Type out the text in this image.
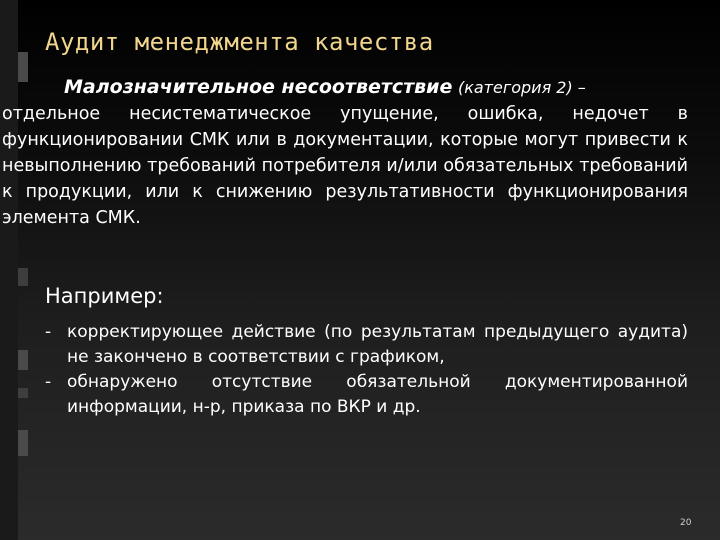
Аудит менеджмента качества
Малозначительное несоответствие (категория 2) –
отдельное несистематическое упущение, ошибка, недочет в функционировании СМК или в документации, которые могут привести к невыполнению требований потребителя и/или обязательных требований к продукции, или к снижению результативности функционирования элемента СМК.
Например:
- корректирующее действие (по результатам предыдущего аудита) не закончено в соответствии с графиком,
- обнаружено отсутствие обязательной документированной информации, н-р, приказа по ВКР и др.
20
